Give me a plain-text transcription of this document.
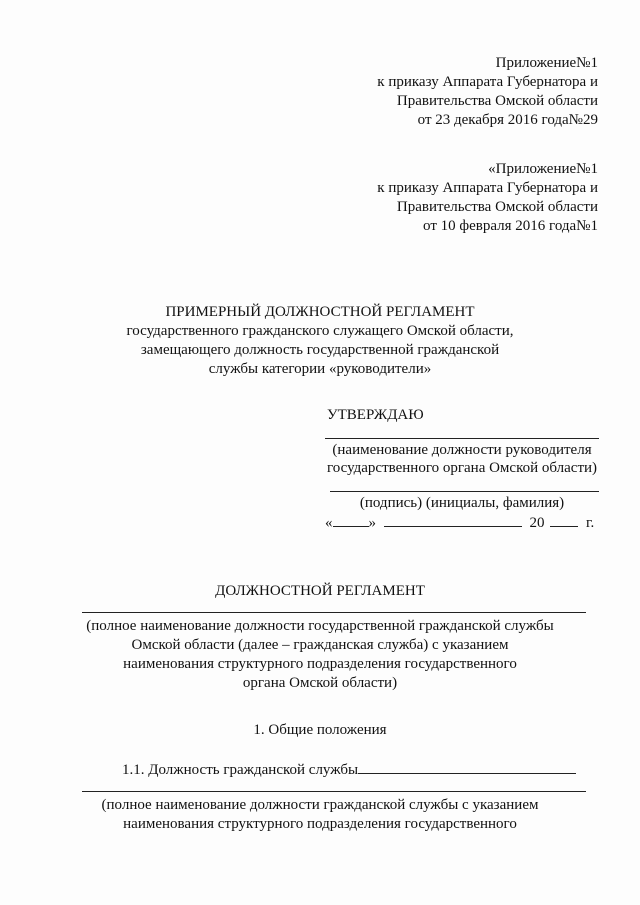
Приложение№1
к приказу Аппарата Губернатора и
Правительства Омской области
от 23 декабря 2016 года№29
«Приложение№1
к приказу Аппарата Губернатора и
Правительства Омской области
от 10 февраля 2016 года№1
ПРИМЕРНЫЙ ДОЛЖНОСТНОЙ РЕГЛАМЕНТ
государственного гражданского служащего Омской области,
замещающего должность государственной гражданской
службы категории «руководители»
УТВЕРЖДАЮ
(наименование должности руководителя
государственного органа Омской области)
(подпись) (инициалы, фамилия)
« »	20	г.
ДОЛЖНОСТНОЙ РЕГЛАМЕНТ
(полное наименование должности государственной гражданской службы
Омской области (далее – гражданская служба) с указанием
наименования структурного подразделения государственного
органа Омской области)
1. Общие положения
1.1. Должность гражданской службы
(полное наименование должности гражданской службы с указанием
наименования структурного подразделения государственного
